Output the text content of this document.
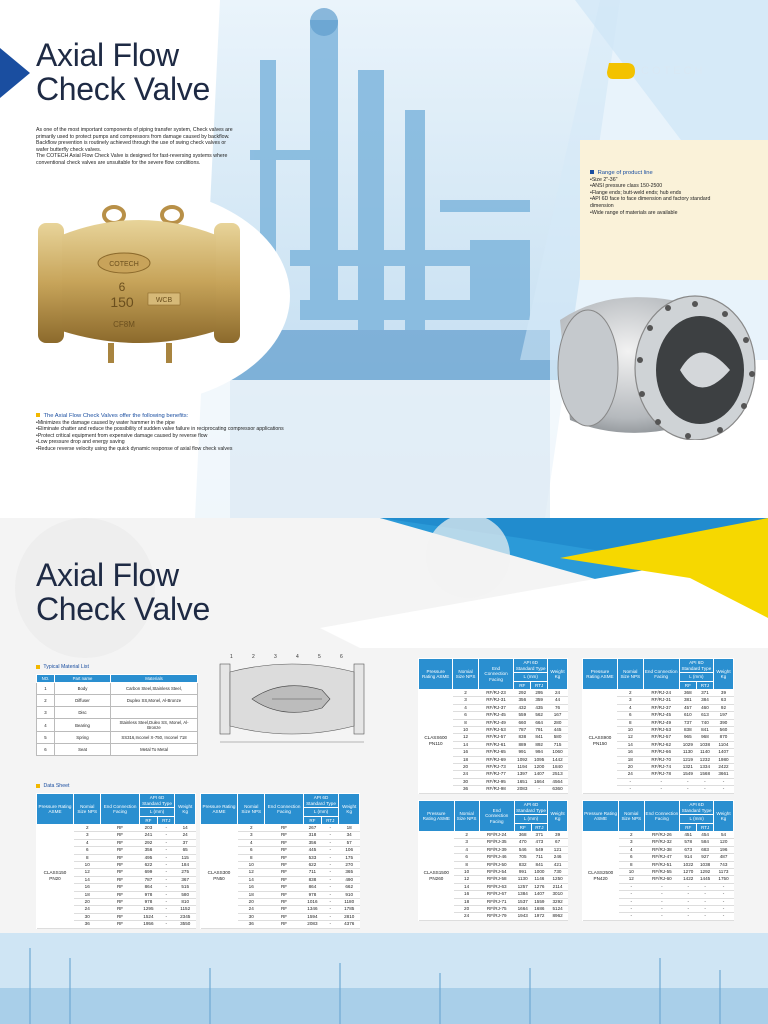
Axial Flow
Check Valve
As one of the most important components of piping transfer system, Check valves are
primarily used to protect pumps and compressors from damage caused by backflow.
Backflow prevention is routinely achieved through the use of swing check valves or
wafer butterfly check valves.
The COTECH Axial Flow Check Valve is designed for fast-reversing systems where
conventional check valves are unsuitable for the severe flow conditions.
COTECH
6
150	WCB
CF8M
COTECH
Range of product line
•Size 2"-36"
•ANSI pressure class 150-2500
•Flange ends; butt-weld ends; hub ends
•API 6D face to face dimension and factory standard
dimension
•Wide range of materials are available
The Axial Flow Check Valves offer the following benefits:
•Minimizes the damage caused by water hammer in the pipe
•Eliminate chatter and reduce the possibility of sudden valve failure in reciprocating compressor applications
•Protect critical equipment from expensive damage caused by reverse flow
•Low pressure drop and energy saving
•Reduce reverse velocity using the quick dynamic response of axial flow check valves
Axial Flow
Check Valve
Typical Material List
NO.	Part name	Materials
1	Body	Carbon Steel,Stainless Steel,
2	Diffuser	Duplex SS,Monel, Al-Bronze
3	Disc	
4	Bearing	Stainless Steel,Dulex SS, Monel, Al-Bronze
5	Spring	SS316,Inconel X-750, Inconel 718
6	Seat	Metal To Metal
1	2	3	4	5	6
Data Sheet
Pressure Rating ASME	Nomial Size NPS	End Connection Facing	API 6D Standard Type		Weight Kg
			L (mm)		
			RF	RTJ	
CLASS150
PN20	2	RF	203	-	14
	3	RF	241	-	24
	4	RF	292	-	37
	6	RF	356	-	65
	8	RF	495	-	115
	10	RF	622	-	184
	12	RF	699	-	275
	14	RF	787	-	367
	16	RF	864	-	515
	18	RF	978	-	580
	20	RF	978	-	810
	24	RF	1295	-	1152
	30	RF	1524	-	2345
	36	RF	1956	-	3550
Pressure Rating ASME	Nomial Size NPS	End Connection Facing	API 6D Standard Type		Weight Kg
			L (mm)		
			RF	RTJ	
CLASS300
PN50	2	RF	267	-	18
	3	RF	318	-	34
	4	RF	356	-	57
	6	RF	445	-	106
	8	RF	533	-	175
	10	RF	622	-	270
	12	RF	711	-	365
	14	RF	838	-	490
	16	RF	864	-	662
	18	RF	978	-	910
	20	RF	1016	-	1180
	24	RF	1346	-	1785
	30	RF	1594	-	2810
	36	RF	2083	-	4376
Pressure Rating ASME	Nomial Size NPS	End Connection Facing	API 6D Standard Type		Weight Kg
			L (mm)		
			RF	RTJ	
CLASS600
PN110	2	RF/RJ-23	292	295	24
	3	RF/RJ-31	356	359	44
	4	RF/RJ-37	432	435	76
	6	RF/RJ-45	559	562	167
	8	RF/RJ-49	660	664	280
	10	RF/RJ-53	787	791	445
	12	RF/RJ-57	838	841	580
	14	RF/RJ-61	889	892	715
	16	RF/RJ-65	991	994	1060
	18	RF/RJ-69	1092	1095	1442
	20	RF/RJ-73	1194	1200	1840
	24	RF/RJ-77	1397	1407	2513
	30	RF/RJ-95	1651	1664	4564
	36	RF/RJ-98	2083	-	6360
Pressure Rating ASME	Nomial Size NPS	End Connection Facing	API 6D Standard Type		Weight Kg
			L (mm)		
			RF	RTJ	
CLASS900
PN150	2	RF/RJ-24	368	371	39
	3	RF/RJ-31	381	384	63
	4	RF/RJ-37	457	460	92
	6	RF/RJ-45	610	613	197
	8	RF/RJ-49	737	740	390
	10	RF/RJ-53	838	841	560
	12	RF/RJ-57	965	968	870
	14	RF/RJ-62	1029	1038	1104
	16	RF/RJ-66	1130	1140	1407
	18	RF/RJ-70	1219	1232	1980
	20	RF/RJ-74	1321	1334	2422
	24	RF/RJ-78	1549	1568	3661
	-	-	-	-	-
	-	-	-	-	-
Pressure Rating ASME	Nomial Size NPS	End Connection Facing	API 6D Standard Type		Weight Kg
			L (mm)		
			RF	RTJ	
CLASS1500
PN260	2	RF/RJ-24	368	371	39
	3	RF/RJ-35	470	473	67
	4	RF/RJ-39	546	549	121
	6	RF/RJ-46	705	711	246
	8	RF/RJ-50	832	841	421
	10	RF/RJ-54	991	1000	730
	12	RF/RJ-58	1130	1146	1250
	14	RF/RJ-63	1257	1276	2114
	16	RF/RJ-67	1384	1407	3010
	18	RF/RJ-71	1537	1559	3292
	20	RF/RJ-75	1664	1686	5124
	24	RF/RJ-79	1943	1972	8962
Pressure Rating ASME	Nomial Size NPS	End Connection Facing	API 6D Standard Type		Weight Kg
			L (mm)		
			RF	RTJ	
CLASS2500
PN420	2	RF/RJ-26	451	454	54
	3	RF/RJ-32	578	584	120
	4	RF/RJ-38	673	683	196
	6	RF/RJ-47	914	927	487
	8	RF/RJ-51	1022	1038	743
	10	RF/RJ-55	1270	1292	1173
	12	RF/RJ-60	1422	1445	1750
	-	-	-	-	-
	-	-	-	-	-
	-	-	-	-	-
	-	-	-	-	-
	-	-	-	-	-
